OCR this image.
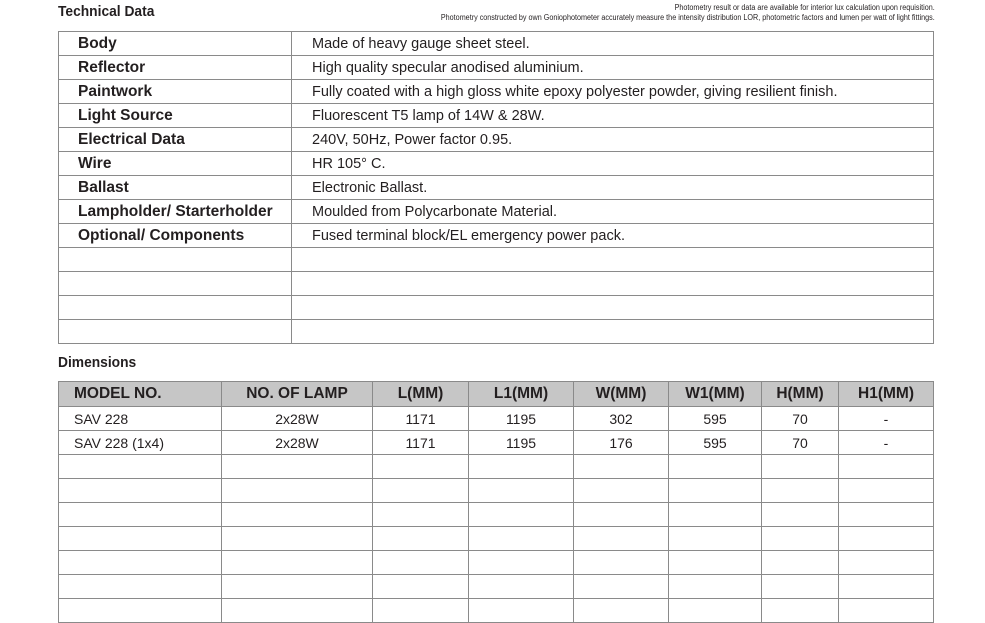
Technical Data	Photometry result or data are available for interior lux calculation upon requisition.
Photometry constructed by own Goniophotometer accurately measure the intensity distribution LOR, photometric factors and lumen per watt of light fittings.
Body	Made of heavy gauge sheet steel.
Reflector	High quality specular anodised aluminium.
Paintwork	Fully coated with a high gloss white epoxy polyester powder, giving resilient finish.
Light Source	Fluorescent T5 lamp of 14W & 28W.
Electrical Data	240V, 50Hz, Power factor 0.95.
Wire	HR 105° C.
Ballast	Electronic Ballast.
Lampholder/ Starterholder	Moulded from Polycarbonate Material.
Optional/ Components	Fused terminal block/EL emergency power pack.

Dimensions
MODEL NO.	NO. OF LAMP	L(MM)	L1(MM)	W(MM)	W1(MM)	H(MM)	H1(MM)
SAV 228	2x28W	1171	1195	302	595	70	-
SAV 228 (1x4)	2x28W	1171	1195	176	595	70	-
